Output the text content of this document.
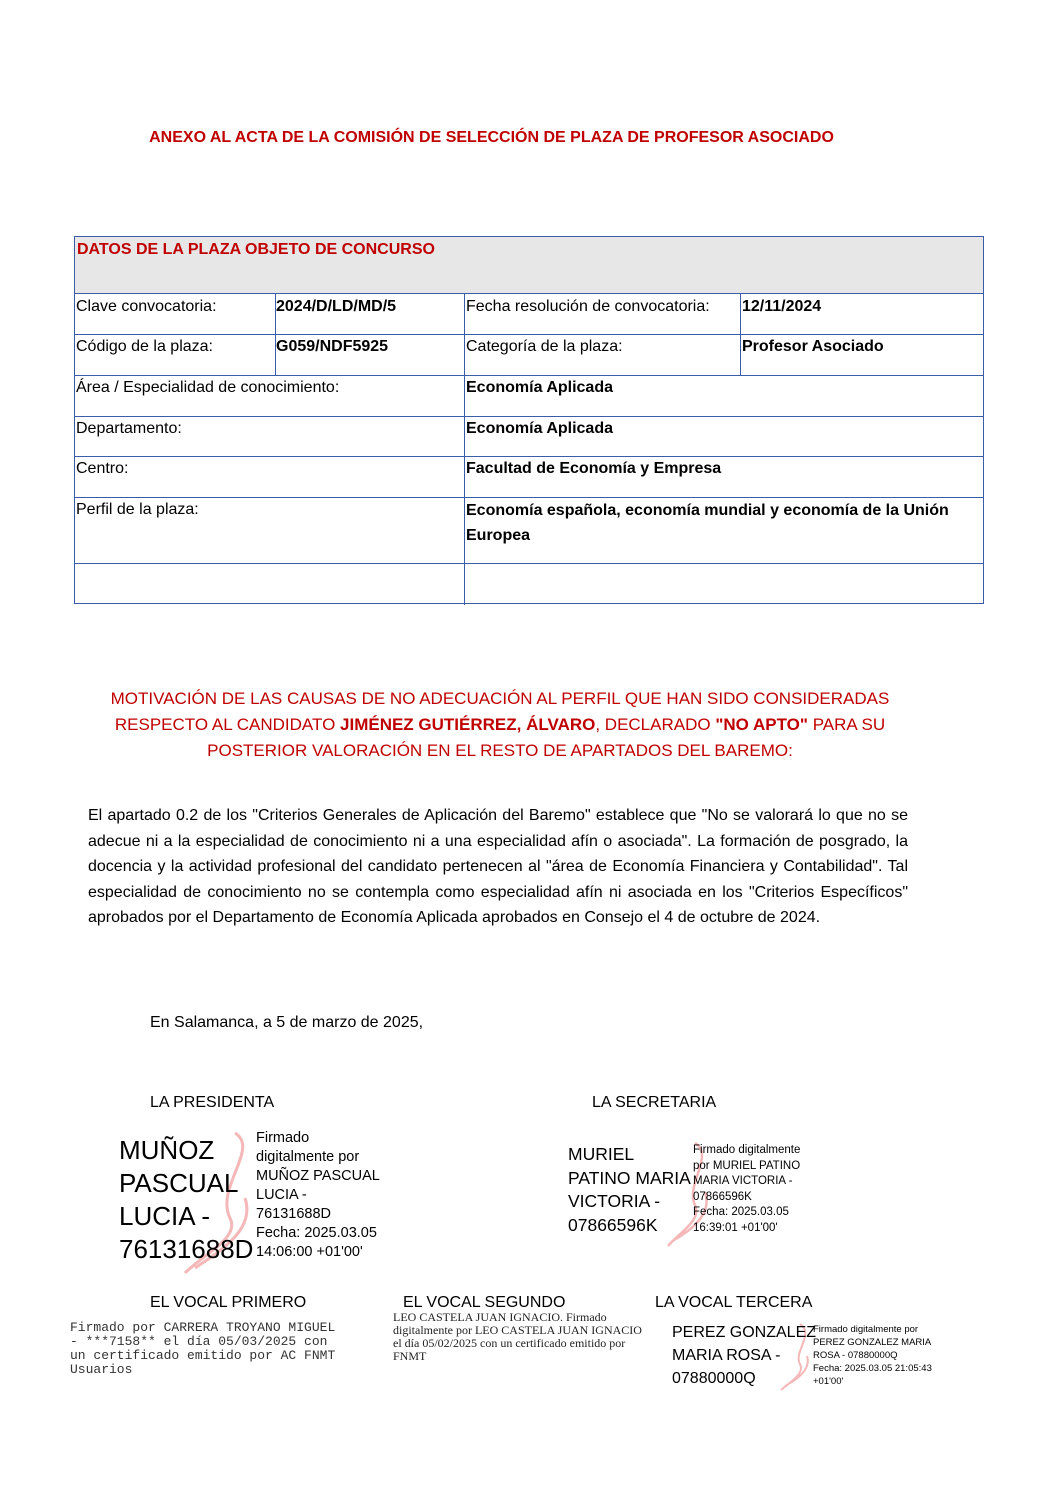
ANEXO AL ACTA DE LA COMISIÓN DE SELECCIÓN DE PLAZA DE PROFESOR ASOCIADO
DATOS DE LA PLAZA OBJETO DE CONCURSO
Clave convocatoria:	2024/D/LD/MD/5	Fecha resolución de convocatoria: 12/11/2024
Código de la plaza:	G059/NDF5925	Categoría de la plaza:	Profesor Asociado
Área / Especialidad de conocimiento:	Economía Aplicada
Departamento:	Economía Aplicada
Centro:	Facultad de Economía y Empresa
Perfil de la plaza:	Economía española, economía mundial y economía de la Unión Europea
MOTIVACIÓN DE LAS CAUSAS DE NO ADECUACIÓN AL PERFIL QUE HAN SIDO CONSIDERADAS RESPECTO AL CANDIDATO JIMÉNEZ GUTIÉRREZ, ÁLVARO, DECLARADO "NO APTO" PARA SU POSTERIOR VALORACIÓN EN EL RESTO DE APARTADOS DEL BAREMO:
El apartado 0.2 de los "Criterios Generales de Aplicación del Baremo" establece que "No se valorará lo que no se adecue ni a la especialidad de conocimiento ni a una especialidad afín o asociada". La formación de posgrado, la docencia y la actividad profesional del candidato pertenecen al "área de Economía Financiera y Contabilidad". Tal especialidad de conocimiento no se contempla como especialidad afín ni asociada en los "Criterios Específicos" aprobados por el Departamento de Economía Aplicada aprobados en Consejo el 4 de octubre de 2024.
En Salamanca, a 5 de marzo de 2025,
LA PRESIDENTA
MUÑOZ
PASCUAL
LUCIA -
76131688D
Firmado
digitalmente por
MUÑOZ PASCUAL
LUCIA -
76131688D
Fecha: 2025.03.05
14:06:00 +01'00'
LA SECRETARIA
MURIEL
PATINO MARIA
VICTORIA -
07866596K
Firmado digitalmente
por MURIEL PATINO
MARIA VICTORIA -
07866596K
Fecha: 2025.03.05
16:39:01 +01'00'
EL VOCAL PRIMERO
Firmado por CARRERA TROYANO MIGUEL
- ***7158** el día 05/03/2025 con
un certificado emitido por AC FNMT
Usuarios
EL VOCAL SEGUNDO
LEO CASTELA JUAN IGNACIO. Firmado
digitalmente por LEO CASTELA JUAN IGNACIO
el día 05/02/2025 con un certificado emitido por
FNMT
LA VOCAL TERCERA
PEREZ GONZALEZ
MARIA ROSA -
07880000Q
Firmado digitalmente por
PEREZ GONZALEZ MARIA
ROSA - 07880000Q
Fecha: 2025.03.05 21:05:43
+01'00'
